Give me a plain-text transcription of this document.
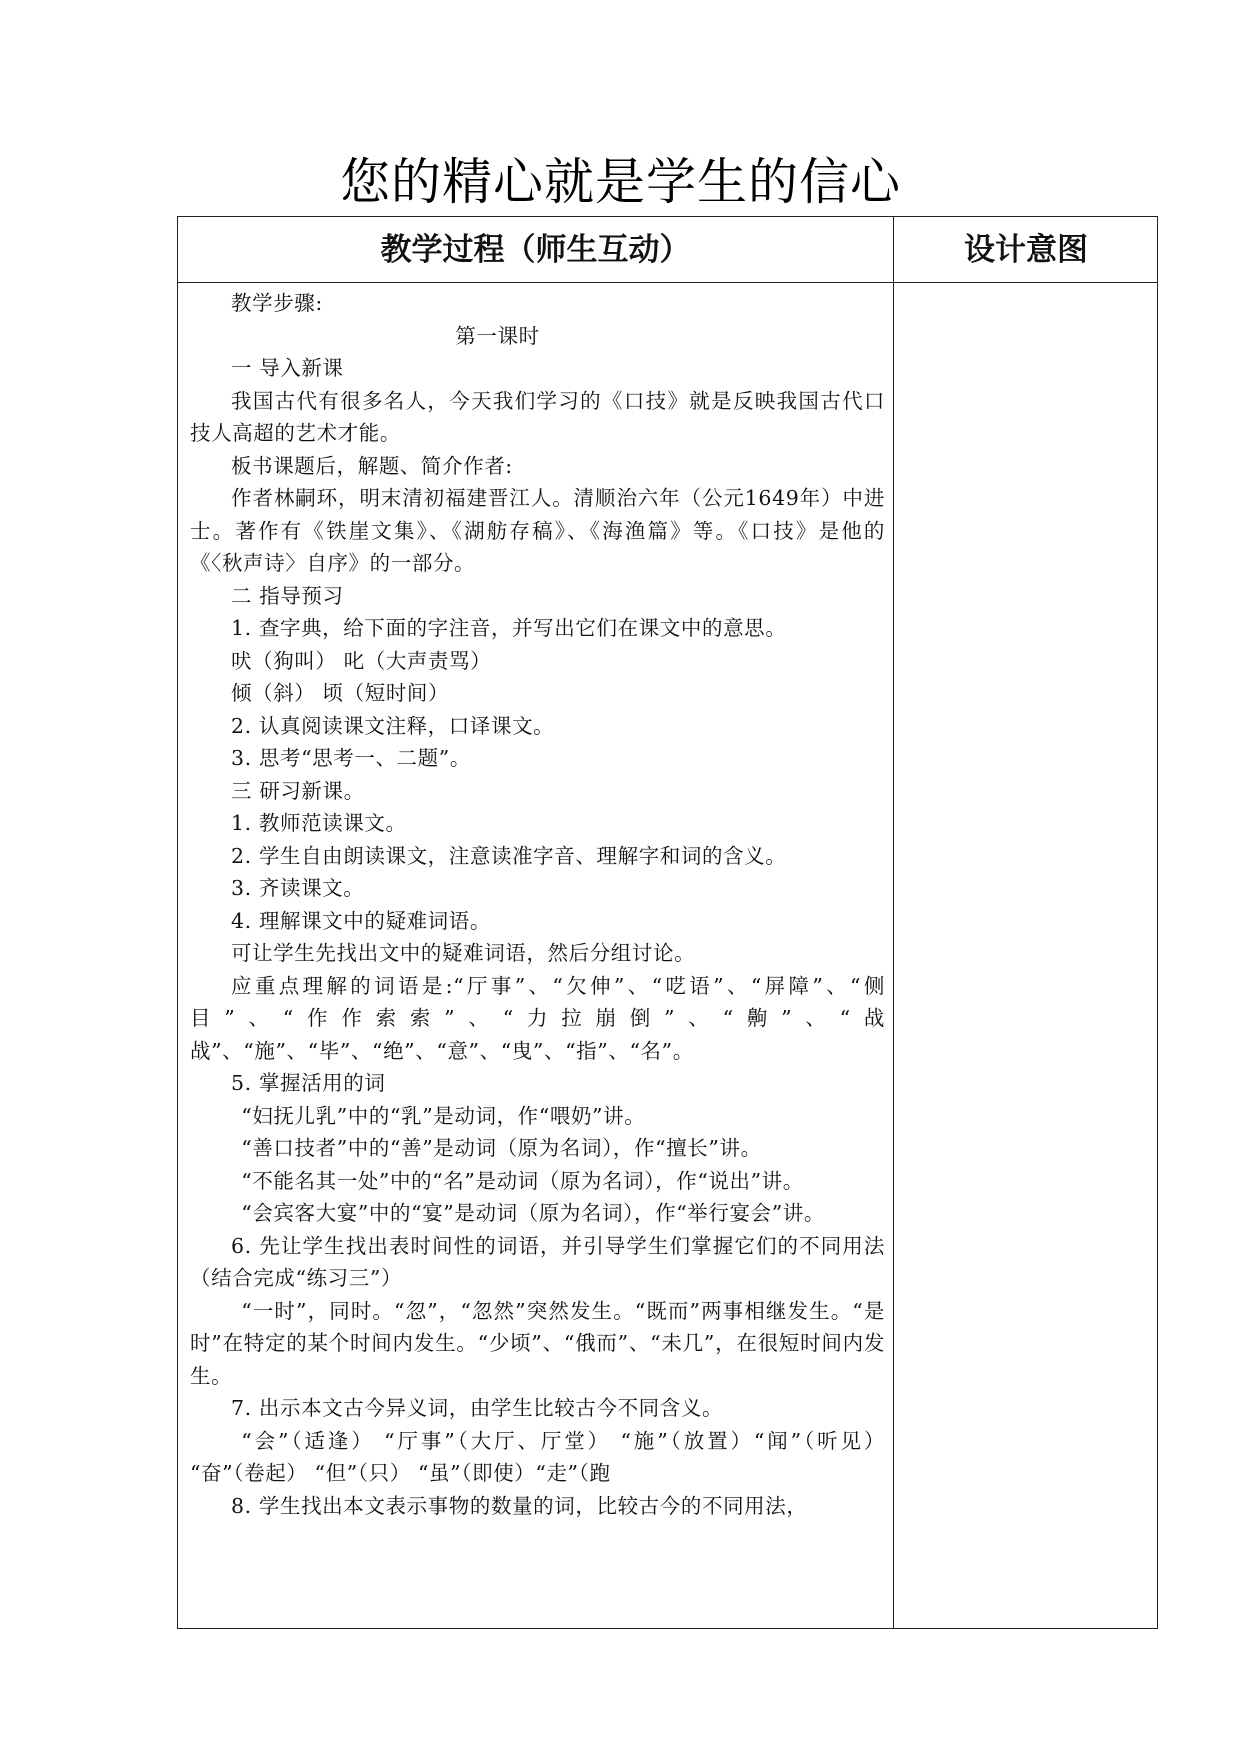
您的精心就是学生的信心
教学过程（师生互动）	设计意图

教学步骤:

第一课时

一 导入新课

我国古代有很多名人，今天我们学习的《口技》就是反映我国古代口技人高超的艺术才能。

板书课题后，解题、简介作者:

作者林嗣环，明末清初福建晋江人。清顺治六年（公元1649年）中进士。著作有《铁崖文集》、《湖舫存稿》、《海渔篇》等。《口技》是他的《〈秋声诗〉自序》的一部分。

二 指导预习

1. 查字典，给下面的字注音，并写出它们在课文中的意思。

吠（狗叫） 叱（大声责骂）

倾（斜） 顷（短时间）

2. 认真阅读课文注释，口译课文。

3. 思考“思考一、二题”。

三 研习新课。

1. 教师范读课文。

2. 学生自由朗读课文，注意读准字音、理解字和词的含义。

3. 齐读课文。

4. 理解课文中的疑难词语。

可让学生先找出文中的疑难词语，然后分组讨论。

应重点理解的词语是:“厅事”、“欠伸”、“呓语”、“屏障”、“侧目”、“作作索索”、“力拉崩倒”、“齁”、“战战”、“施”、“毕”、“绝”、“意”、“曳”、“指”、“名”。

5. 掌握活用的词

“妇抚儿乳”中的“乳”是动词，作“喂奶”讲。

“善口技者”中的“善”是动词（原为名词），作“擅长”讲。

“不能名其一处”中的“名”是动词（原为名词），作“说出”讲。

“会宾客大宴”中的“宴”是动词（原为名词），作“举行宴会”讲。

6. 先让学生找出表时间性的词语，并引导学生们掌握它们的不同用法（结合完成“练习三”）

“一时”，同时。“忽”，“忽然”突然发生。“既而”两事相继发生。“是时”在特定的某个时间内发生。“少顷”、“俄而”、“未几”，在很短时间内发生。

7. 出示本文古今异义词，由学生比较古今不同含义。

“会”（适逢） “厅事”（大厅、厅堂） “施”（放置）“闻”（听见） “奋”（卷起） “但”（只） “虽”（即使）“走”（跑

8. 学生找出本文表示事物的数量的词，比较古今的不同用法，
